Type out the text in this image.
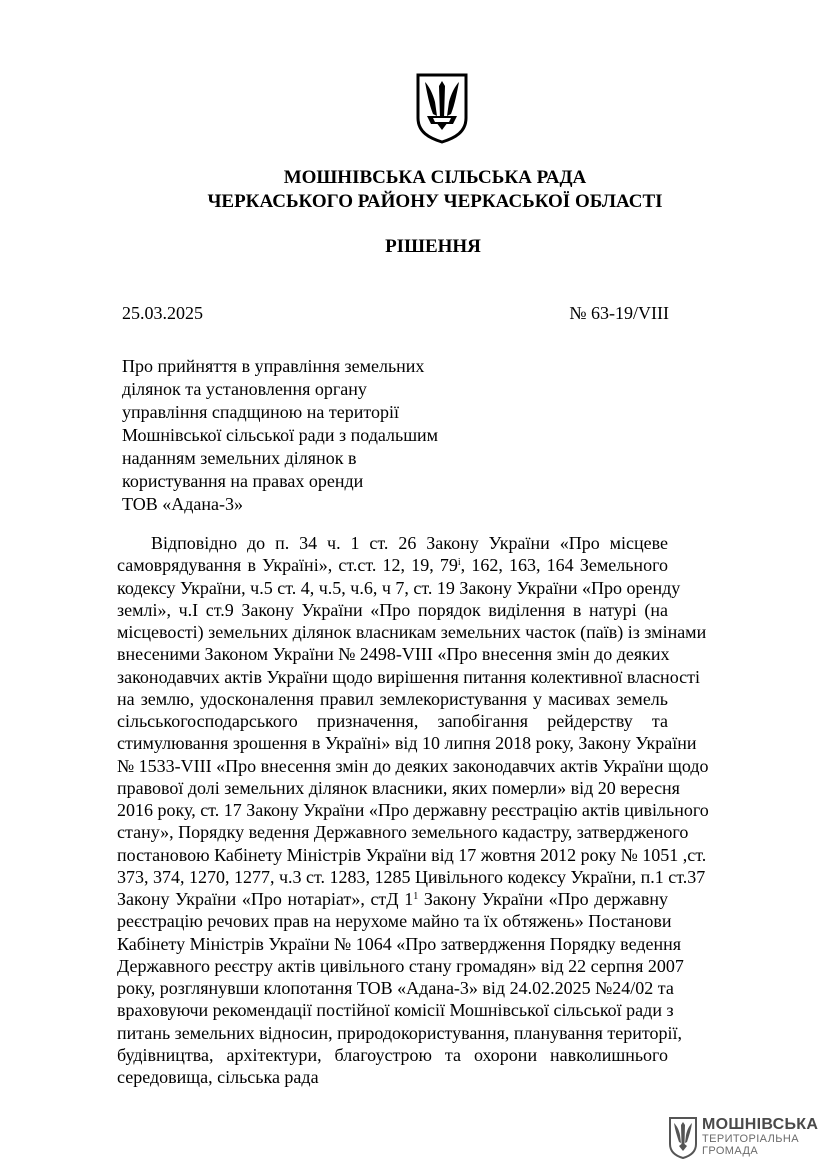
МОШНІВСЬКА СІЛЬСЬКА РАДА
ЧЕРКАСЬКОГО РАЙОНУ ЧЕРКАСЬКОЇ ОБЛАСТІ
РІШЕННЯ
25.03.2025	№ 63-19/VIII
Про прийняття в управління земельних
ділянок та установлення органу
управління спадщиною на території
Мошнівської сільської ради з подальшим
наданням земельних ділянок в
користування на правах оренди
ТОВ «Адана-3»
Відповідно до п. 34 ч. 1 ст. 26 Закону України «Про місцеве
самоврядування в Україні», ст.ст. 12, 19, $79^і$, 162, 163, 164 Земельного
кодексу України, ч.5 ст. 4, ч.5, ч.6, ч 7, ст. 19 Закону України «Про оренду
землі», ч.І ст.9 Закону України «Про порядок виділення в натурі (на
місцевості) земельних ділянок власникам земельних часток (паїв) із змінами
внесеними Законом України № 2498-VIII «Про внесення змін до деяких
законодавчих актів України щодо вирішення питання колективної власності
на землю, удосконалення правил землекористування у масивах земель
сільськогосподарського призначення, запобігання рейдерству та
стимулювання зрошення в Україні» від 10 липня 2018 року, Закону України
№ 1533-VIII «Про внесення змін до деяких законодавчих актів України щодо
правової долі земельних ділянок власники, яких померли» від 20 вересня
2016 року, ст. 17 Закону України «Про державну реєстрацію актів цивільного
стану», Порядку ведення Державного земельного кадастру, затвердженого
постановою Кабінету Міністрів України від 17 жовтня 2012 року № 1051 ,ст.
373, 374, 1270, 1277, ч.3 ст. 1283, 1285 Цивільного кодексу України, п.1 ст.37
Закону України «Про нотаріат», стД $1^1$ Закону України «Про державну
реєстрацію речових прав на нерухоме майно та їх обтяжень» Постанови
Кабінету Міністрів України № 1064 «Про затвердження Порядку ведення
Державного реєстру актів цивільного стану громадян» від 22 серпня 2007
року, розглянувши клопотання ТОВ «Адана-3» від 24.02.2025 №24/02 та
враховуючи рекомендації постійної комісії Мошнівської сільської ради з
питань земельних відносин, природокористування, планування території,
будівництва, архітектури, благоустрою та охорони навколишнього
середовища, сільська рада
МОШНІВСЬКА
ТЕРИТОРІАЛЬНА
ГРОМАДА
